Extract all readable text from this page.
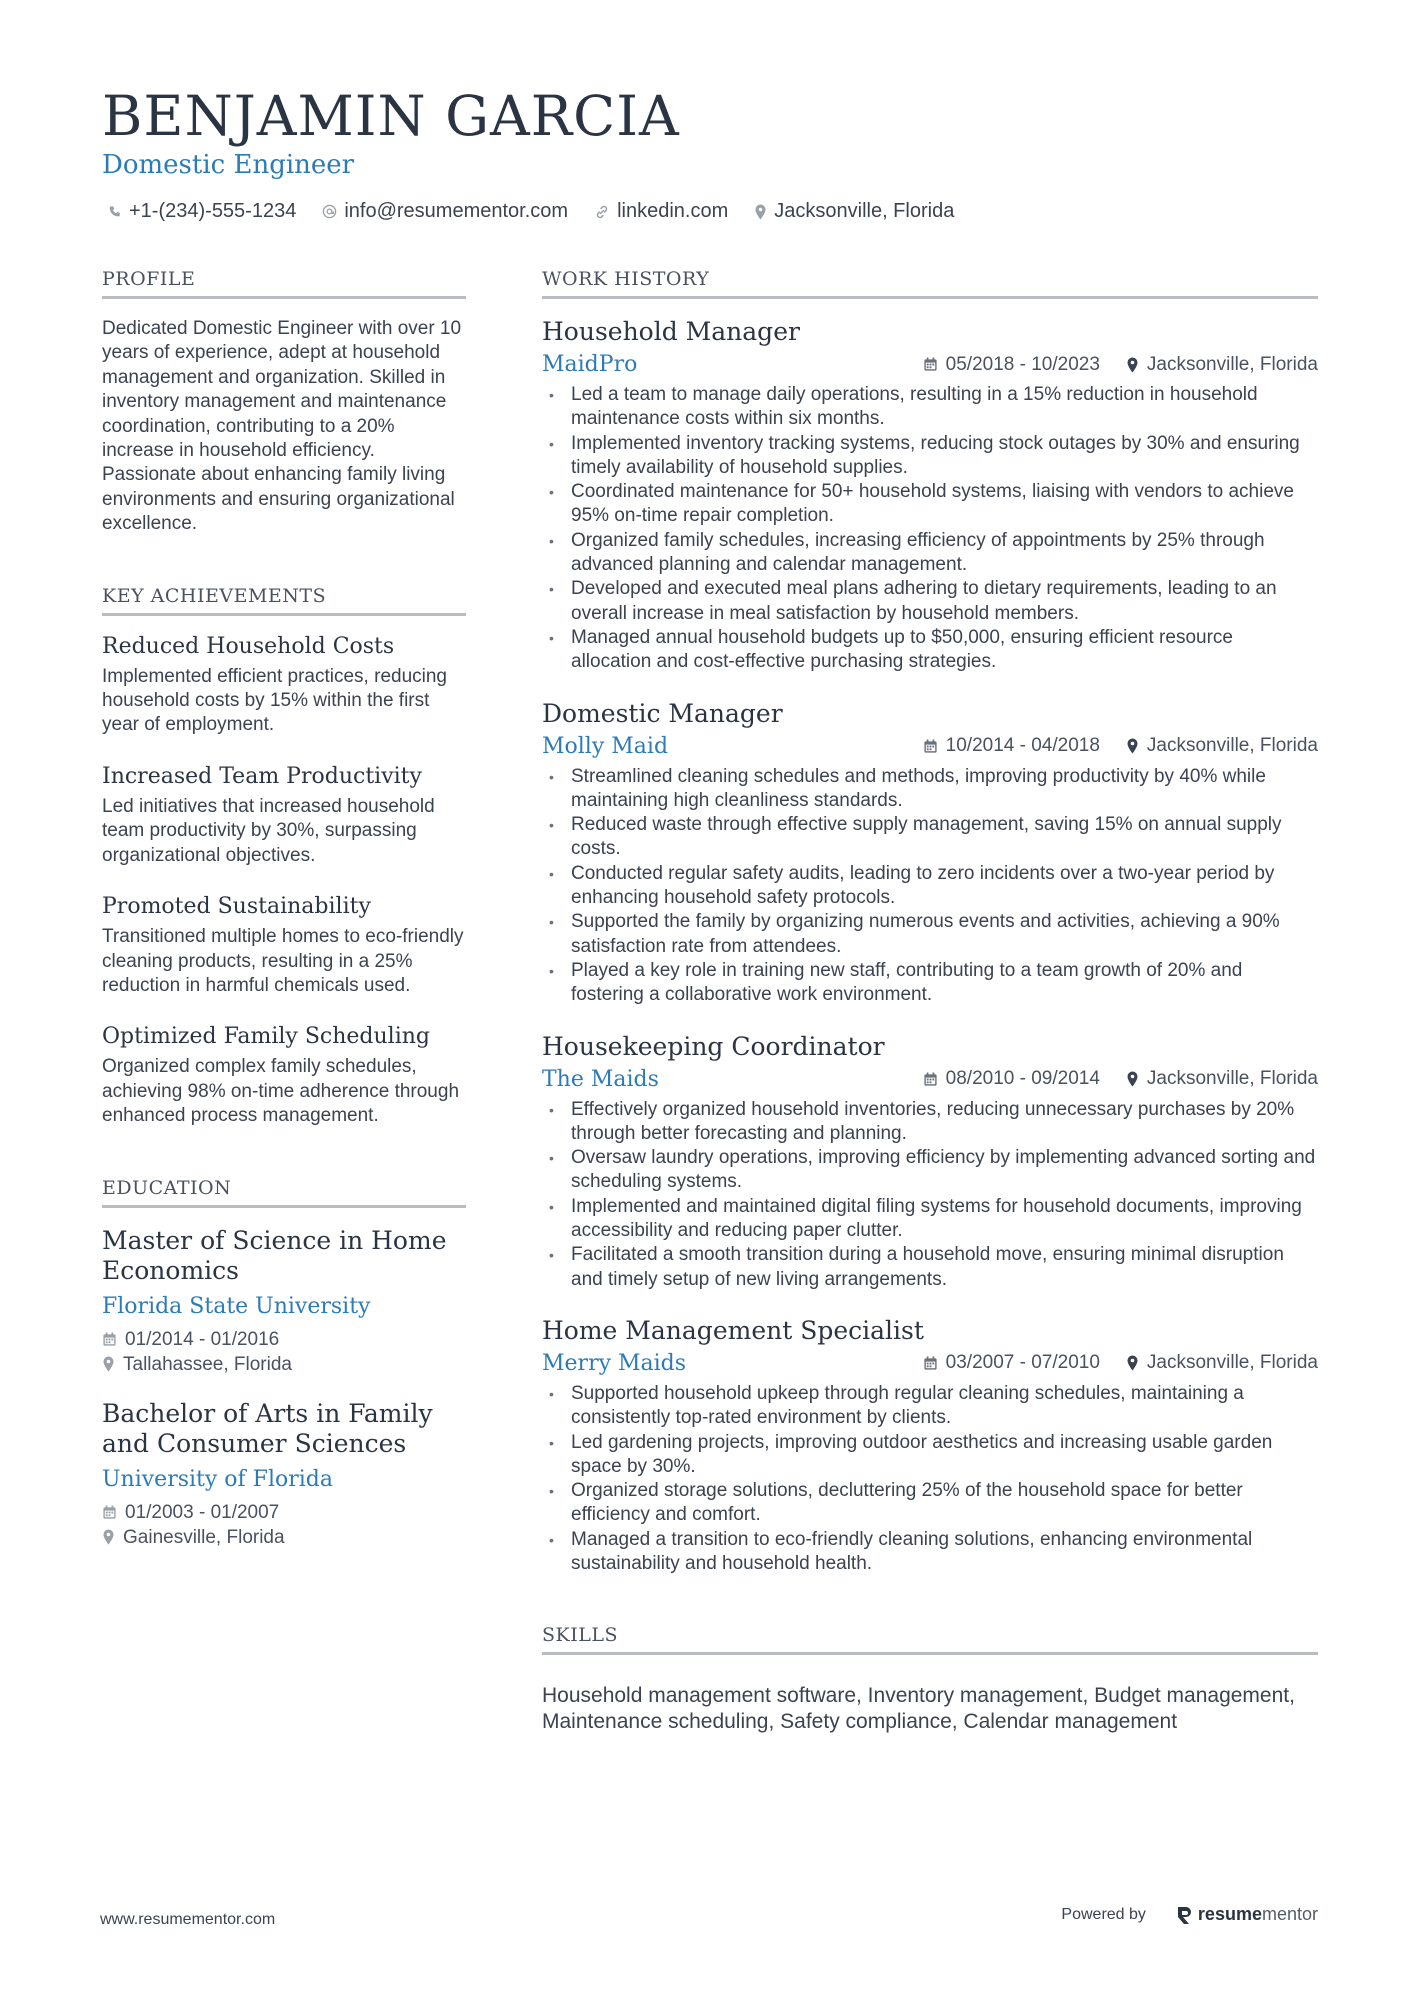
BENJAMIN GARCIA
Domestic Engineer
+1-(234)-555-1234 info@resumementor.com linkedin.com Jacksonville, Florida
PROFILE

Dedicated Domestic Engineer with over 10 years of experience, adept at household management and organization. Skilled in inventory management and maintenance coordination, contributing to a 20% increase in household efficiency. Passionate about enhancing family living environments and ensuring organizational excellence.

KEY ACHIEVEMENTS
Reduced Household Costs

Implemented efficient practices, reducing household costs by 15% within the first year of employment.

Increased Team Productivity

Led initiatives that increased household team productivity by 30%, surpassing organizational objectives.

Promoted Sustainability

Transitioned multiple homes to eco-friendly cleaning products, resulting in a 25% reduction in harmful chemicals used.

Optimized Family Scheduling

Organized complex family schedules, achieving 98% on-time adherence through enhanced process management.

EDUCATION
Master of Science in Home Economics
Florida State University
01/2014 - 01/2016
Tallahassee, Florida
Bachelor of Arts in Family and Consumer Sciences
University of Florida
01/2003 - 01/2007
Gainesville, Florida
WORK HISTORY
Household Manager
MaidPro	05/2018 - 10/2023 Jacksonville, Florida
• Led a team to manage daily operations, resulting in a 15% reduction in household maintenance costs within six months.
• Implemented inventory tracking systems, reducing stock outages by 30% and ensuring timely availability of household supplies.
• Coordinated maintenance for 50+ household systems, liaising with vendors to achieve 95% on-time repair completion.
• Organized family schedules, increasing efficiency of appointments by 25% through advanced planning and calendar management.
• Developed and executed meal plans adhering to dietary requirements, leading to an overall increase in meal satisfaction by household members.
• Managed annual household budgets up to $50,000, ensuring efficient resource allocation and cost-effective purchasing strategies.
Domestic Manager
Molly Maid	10/2014 - 04/2018 Jacksonville, Florida
• Streamlined cleaning schedules and methods, improving productivity by 40% while maintaining high cleanliness standards.
• Reduced waste through effective supply management, saving 15% on annual supply costs.
• Conducted regular safety audits, leading to zero incidents over a two-year period by enhancing household safety protocols.
• Supported the family by organizing numerous events and activities, achieving a 90% satisfaction rate from attendees.
• Played a key role in training new staff, contributing to a team growth of 20% and fostering a collaborative work environment.
Housekeeping Coordinator
The Maids	08/2010 - 09/2014 Jacksonville, Florida
• Effectively organized household inventories, reducing unnecessary purchases by 20% through better forecasting and planning.
• Oversaw laundry operations, improving efficiency by implementing advanced sorting and scheduling systems.
• Implemented and maintained digital filing systems for household documents, improving accessibility and reducing paper clutter.
• Facilitated a smooth transition during a household move, ensuring minimal disruption and timely setup of new living arrangements.
Home Management Specialist
Merry Maids	03/2007 - 07/2010 Jacksonville, Florida
• Supported household upkeep through regular cleaning schedules, maintaining a consistently top-rated environment by clients.
• Led gardening projects, improving outdoor aesthetics and increasing usable garden space by 30%.
• Organized storage solutions, decluttering 25% of the household space for better efficiency and comfort.
• Managed a transition to eco-friendly cleaning solutions, enhancing environmental sustainability and household health.
SKILLS

Household management software, Inventory management, Budget management, Maintenance scheduling, Safety compliance, Calendar management

www.resumementor.com	Powered by	resume mentor
